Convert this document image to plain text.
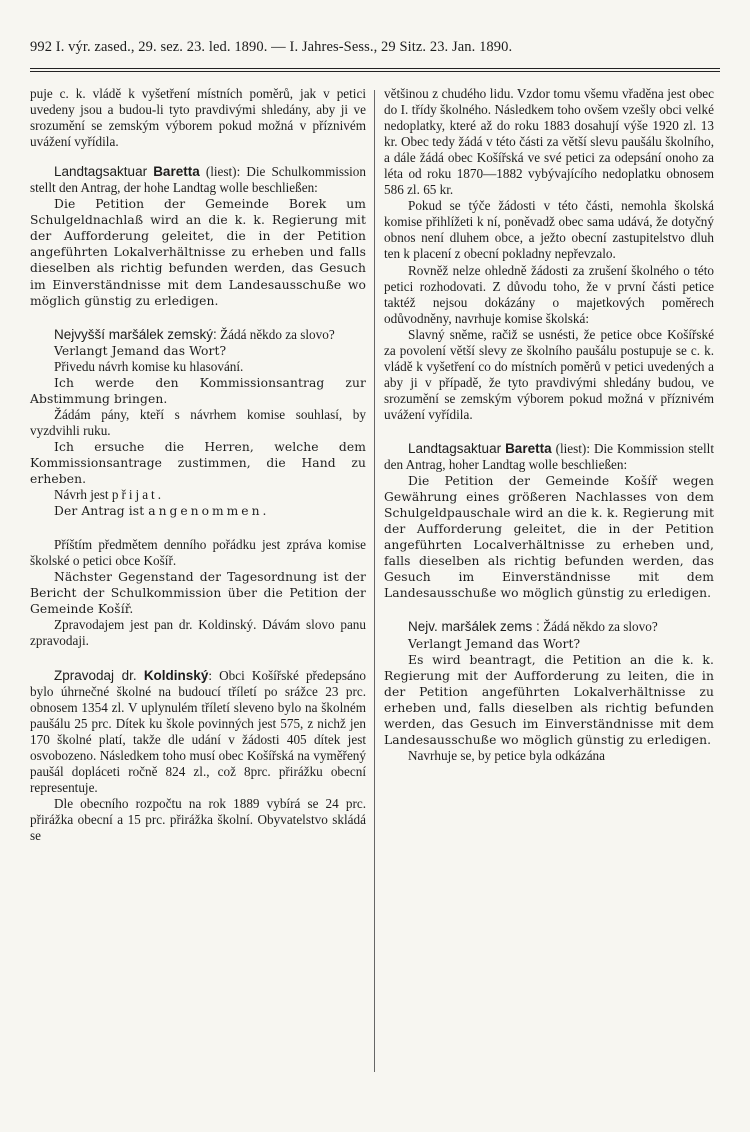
992 I. výr. zased., 29. sez. 23. led. 1890. — I. Jahres-Sess., 29 Sitz. 23. Jan. 1890.

puje c. k. vládě k vyšetření místních poměrů, jak v petici uvedeny jsou a budou-li tyto pravdivými shledány, aby ji ve srozumění se zemským výborem pokud možná v příznivém uvážení vyřídila.

Landtagsaktuar Baretta (liest): Die Schulkommission stellt den Antrag, der hohe Landtag wolle beschließen:

Die Petition der Gemeinde Borek um Schulgeldnachlaß wird an die k. k. Regierung mit der Aufforderung geleitet, die in der Petition angeführten Lokalverhältnisse zu erheben und falls dieselben als richtig befunden werden, das Gesuch im Einverständnisse mit dem Landesausschuße wo möglich günstig zu erledigen.

Nejvyšší maršálek zemský: Žádá někdo za slovo?

Verlangt Jemand das Wort?

Přivedu návrh komise ku hlasování.

Ich werde den Kommissionsantrag zur Abstimmung bringen.

Žádám pány, kteří s návrhem komise souhlasí, by vyzdvihli ruku.

Ich ersuche die Herren, welche dem Kommissionsantrage zustimmen, die Hand zu erheben.

Návrh jest přijat.

Der Antrag ist angenommen.

Příštím předmětem denního pořádku jest zpráva komise školské o petici obce Košíř.

Nächster Gegenstand der Tagesordnung ist der Bericht der Schulkommission über die Petition der Gemeinde Košíř.

Zpravodajem jest pan dr. Koldinský. Dávám slovo panu zpravodaji.

Zpravodaj dr. Koldinský: Obci Košířské předepsáno bylo úhrnečné školné na budoucí tříletí po srážce 23 prc. obnosem 1354 zl. V uplynulém tříletí sleveno bylo na školném paušálu 25 prc. Dítek ku škole povinných jest 575, z nichž jen 170 školné platí, takže dle udání v žádosti 405 dítek jest osvobozeno. Následkem toho musí obec Košířská na vyměřený paušál dopláceti ročně 824 zl., což 8prc. přirážku obecní representuje.

Dle obecního rozpočtu na rok 1889 vybírá se 24 prc. přirážka obecní a 15 prc. přirážka školní. Obyvatelstvo skládá se

většinou z chudého lidu. Vzdor tomu všemu vřaděna jest obec do I. třídy školného. Následkem toho ovšem vzešly obci velké nedoplatky, které až do roku 1883 dosahují výše 1920 zl. 13 kr. Obec tedy žádá v této části za větší slevu paušálu školního, a dále žádá obec Košířská ve své petici za odepsání onoho za léta od roku 1870—1882 vybývajícího nedoplatku obnosem 586 zl. 65 kr.

Pokud se týče žádosti v této části, nemohla školská komise přihlížeti k ní, poněvadž obec sama udává, že dotyčný obnos není dluhem obce, a ježto obecní zastupitelstvo dluh ten k placení z obecní pokladny nepřevzalo.

Rovněž nelze ohledně žádosti za zrušení školného o této petici rozhodovati. Z důvodu toho, že v první části petice taktéž nejsou dokázány o majetkových poměrech odůvodněny, navrhuje komise školská:

Slavný sněme, račiž se usnésti, že petice obce Košířské za povolení větší slevy ze školního paušálu postupuje se c. k. vládě k vyšetření co do místních poměrů v petici uvedených a aby ji v případě, že tyto pravdivými shledány budou, ve srozumění se zemským výborem pokud možná v příznivém uvážení vyřídila.

Landtagsaktuar Baretta (liest): Die Kommission stellt den Antrag, hoher Landtag wolle beschließen:

Die Petition der Gemeinde Košíř wegen Gewährung eines größeren Nachlasses von dem Schulgeldpauschale wird an die k. k. Regierung mit der Aufforderung geleitet, die in der Petition angeführten Localverhältnisse zu erheben und, falls dieselben als richtig befunden werden, das Gesuch im Einverständnisse mit dem Landesausschuße wo möglich günstig zu erledigen.

Nejv. maršálek zems : Žádá někdo za slovo?

Verlangt Jemand das Wort?

Es wird beantragt, die Petition an die k. k. Regierung mit der Aufforderung zu leiten, die in der Petition angeführten Lokalverhältnisse zu erheben und, falls dieselben als richtig befunden werden, das Gesuch im Einverständnisse mit dem Landesausschuße wo möglich günstig zu erledigen.

Navrhuje se, by petice byla odkázána
